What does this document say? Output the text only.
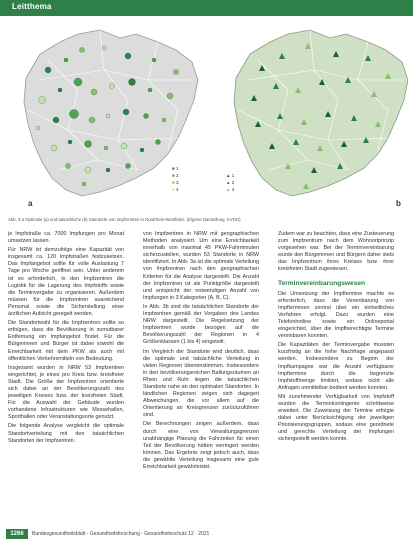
Leitthema
a
■ 1
■ 2
■ 3
■ 4
b
▲ 1
▲ 2
▲ 3
Abb. 3 a Optimale (a) und tatsächliche (b) Standorte von Impfzentren in Nordrhein-Westfalen. (Eigene Darstellung, KVNO)

je Impfstraße ca. 7000 Impfungen pro Monat umsetzen lassen.

Für NRW ist demzufolge eine Kapazität von insgesamt ca. 120 Impfstraßen festzusetzen. Das Impfangebot sollte für volle Auslastung 7 Tage pro Woche geöffnet sein. Unter anderem ist es erforderlich, in den Impfzentren die Logistik für die Lagerung des Impfstoffs sowie die Terminvergabe zu organisieren. Außerdem müssen für die Impfzentren ausreichend Personal sowie die Sicherstellung einer ärztlichen Aufsicht geregelt werden.

Die Standortwahl für die Impfzentren sollte so erfolgen, dass die Bevölkerung in zumutbarer Entfernung ein Impfangebot findet. Für die Bürgerinnen und Bürger ist dabei sowohl die Erreichbarkeit mit dem PKW als auch mit öffentlichen Verkehrsmitteln von Bedeutung.

Insgesamt wurden in NRW 53 Impfzentren eingerichtet, je eines pro Kreis bzw. kreisfreier Stadt. Die Größe der Impfzentren orientierte sich dabei an der Bevölkerungszahl des jeweiligen Kreises bzw. der kreisfreien Stadt. Für die Auswahl der Gebäude wurden vorhandene Infrastrukturen wie Messehallen, Sporthallen oder Veranstaltungsorte genutzt.

Die folgende Analyse vergleicht die optimale Standortverteilung mit den tatsächlichen Standorten der Impfzentren.

von Impfzentren in NRW mit geographischen Methoden analysiert. Um eine Erreichbarkeit innerhalb von maximal 45 PKW-Fahrminuten sicherzustellen, wurden 53 Standorte in NRW identifiziert. In Abb. 3a ist die optimale Verteilung von Impfzentren nach den geographischen Kriterien für die Analyse dargestellt. Die Anzahl der Impfzentren ist als Punktgröße dargestellt und entspricht der notwendigen Anzahl von Impfungen in 3 Kategorien (A, B, C).

In Abb. 3b sind die tatsächlichen Standorte der Impfzentren gemäß der Vorgaben des Landes NRW dargestellt. Die Regelsetzung der Impfzentren wurde bezogen auf die Bevölkerungszahl der Regionen in 4 Größenklassen (1 bis 4) eingeteilt.

Im Vergleich der Standorte wird deutlich, dass die optimale und tatsächliche Verteilung in vielen Regionen übereinstimmen. Insbesondere in den bevölkerungsreichen Ballungsräumen an Rhein und Ruhr liegen die tatsächlichen Standorte nahe an den optimalen Standorten. In ländlichen Regionen zeigen sich dagegen Abweichungen, die vor allem auf die Orientierung an Kreisgrenzen zurückzuführen sind.

Die Berechnungen zeigen außerdem, dass durch eine von Verwaltungsgrenzen unabhängige Planung die Fahrzeiten für einen Teil der Bevölkerung hätten verringert werden können. Das Ergebnis zeigt jedoch auch, dass die gewählte Verteilung insgesamt eine gute Erreichbarkeit gewährleistet.

Zudem war zu beachten, dass eine Zusteuerung zum Impfzentrum nach dem Wohnortprinzip vorgesehen war. Bei der Terminvereinbarung wurde den Bürgerinnen und Bürgern daher stets das Impfzentrum ihres Kreises bzw. ihrer kreisfreien Stadt zugewiesen.

Terminvereinbarungswesen

Die Umsetzung der Impftermine machte es erforderlich, dass die Vereinbarung von Impfterminen zentral über ein einheitliches Verfahren erfolgt. Dazu wurden eine Telefonhotline sowie ein Onlineportal eingerichtet, über die Impfberechtigte Termine vereinbaren konnten.

Die Kapazitäten der Terminvergabe mussten kurzfristig an die hohe Nachfrage angepasst werden. Insbesondere zu Beginn der Impfkampagne war die Anzahl verfügbarer Impftermine durch die begrenzte Impfstoffmenge limitiert, sodass nicht alle Anfragen unmittelbar bedient werden konnten.

Mit zunehmender Verfügbarkeit von Impfstoff wurden die Terminkontingente schrittweise erweitert. Die Zuweisung der Termine erfolgte dabei unter Berücksichtigung der jeweiligen Priorisierungsgruppen, sodass eine geordnete und gerechte Verteilung der Impfungen sichergestellt werden konnte.

1266	Bundesgesundheitsblatt - Gesundheitsforschung - Gesundheitsschutz 12 · 2021
